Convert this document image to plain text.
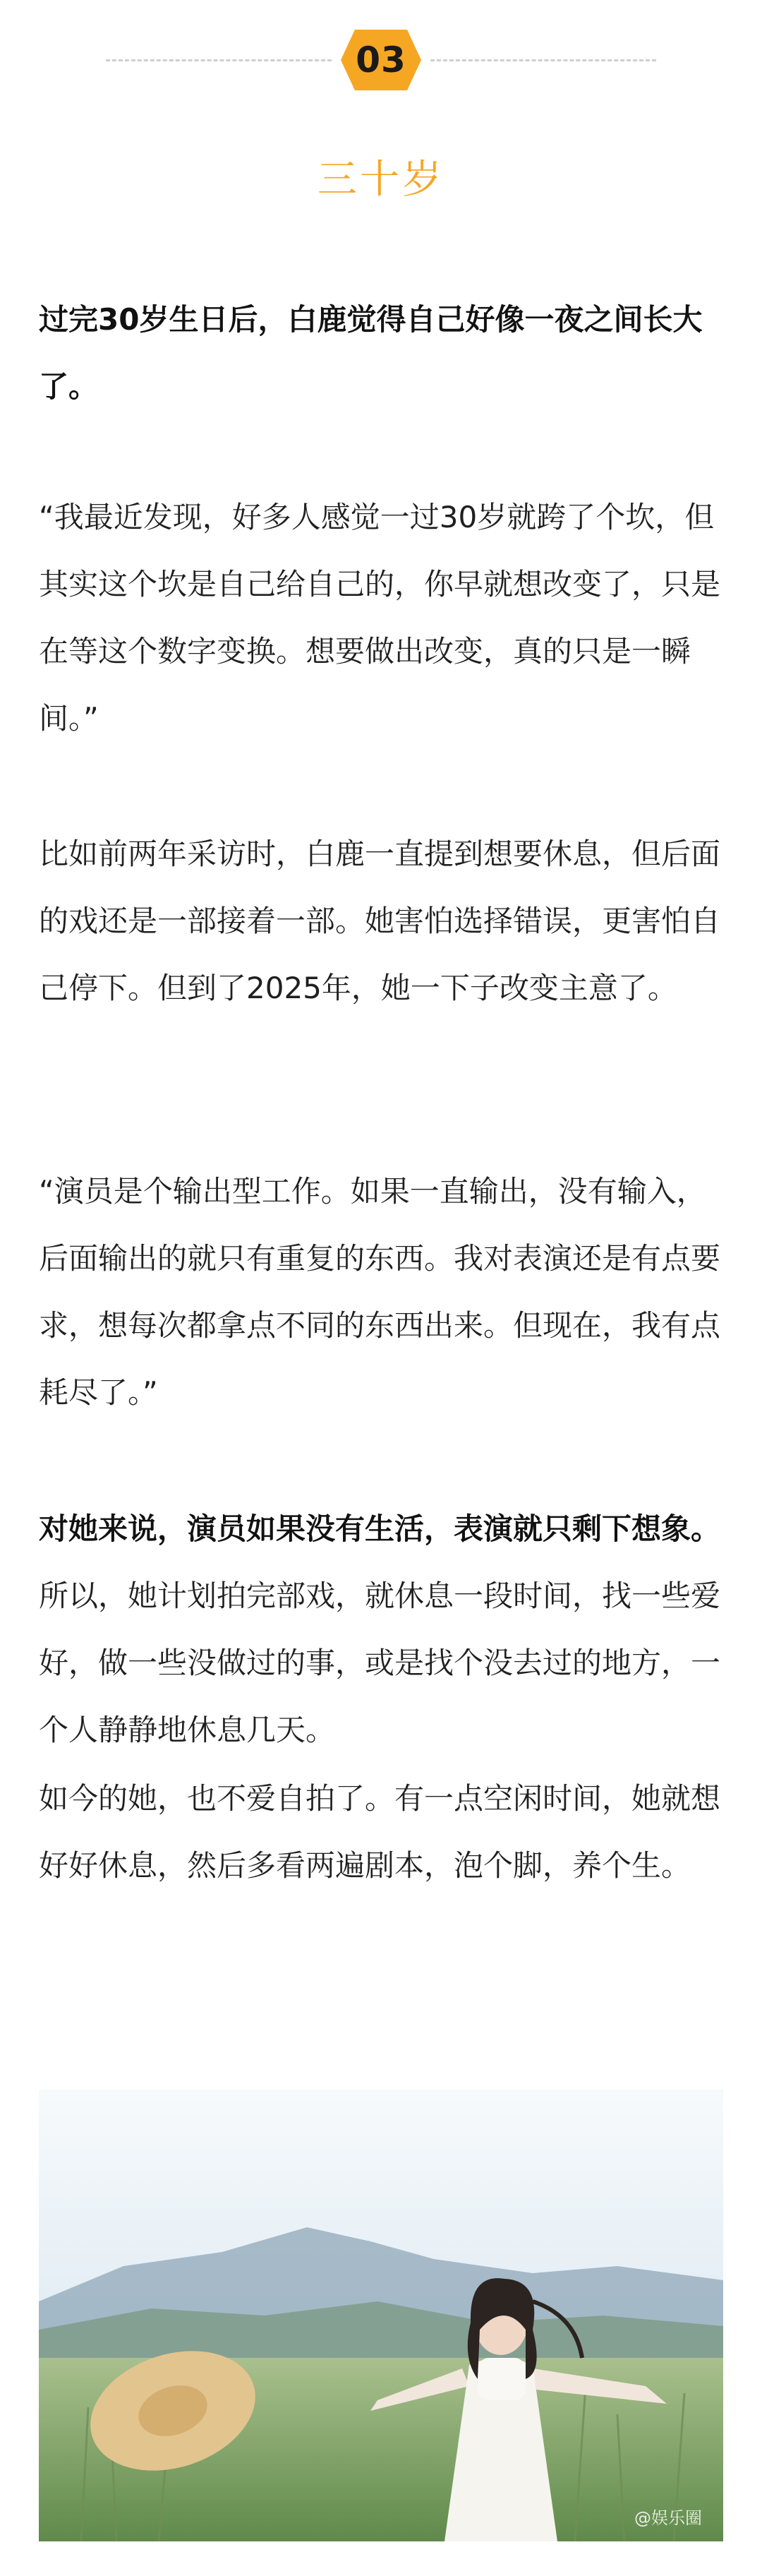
03
三十岁

过完30岁生日后，白鹿觉得自己好像一夜之间长大了。

“我最近发现，好多人感觉一过30岁就跨了个坎，但其实这个坎是自己给自己的，你早就想改变了，只是在等这个数字变换。想要做出改变，真的只是一瞬间。”

比如前两年采访时，白鹿一直提到想要休息，但后面的戏还是一部接着一部。她害怕选择错误，更害怕自己停下。但到了2025年，她一下子改变主意了。

“演员是个输出型工作。如果一直输出，没有输入，后面输出的就只有重复的东西。我对表演还是有点要求，想每次都拿点不同的东西出来。但现在，我有点耗尽了。”

对她来说，演员如果没有生活，表演就只剩下想象。所以，她计划拍完部戏，就休息一段时间，找一些爱好，做一些没做过的事，或是找个没去过的地方，一个人静静地休息几天。

如今的她，也不爱自拍了。有一点空闲时间，她就想好好休息，然后多看两遍剧本，泡个脚，养个生。

@娱乐圈
